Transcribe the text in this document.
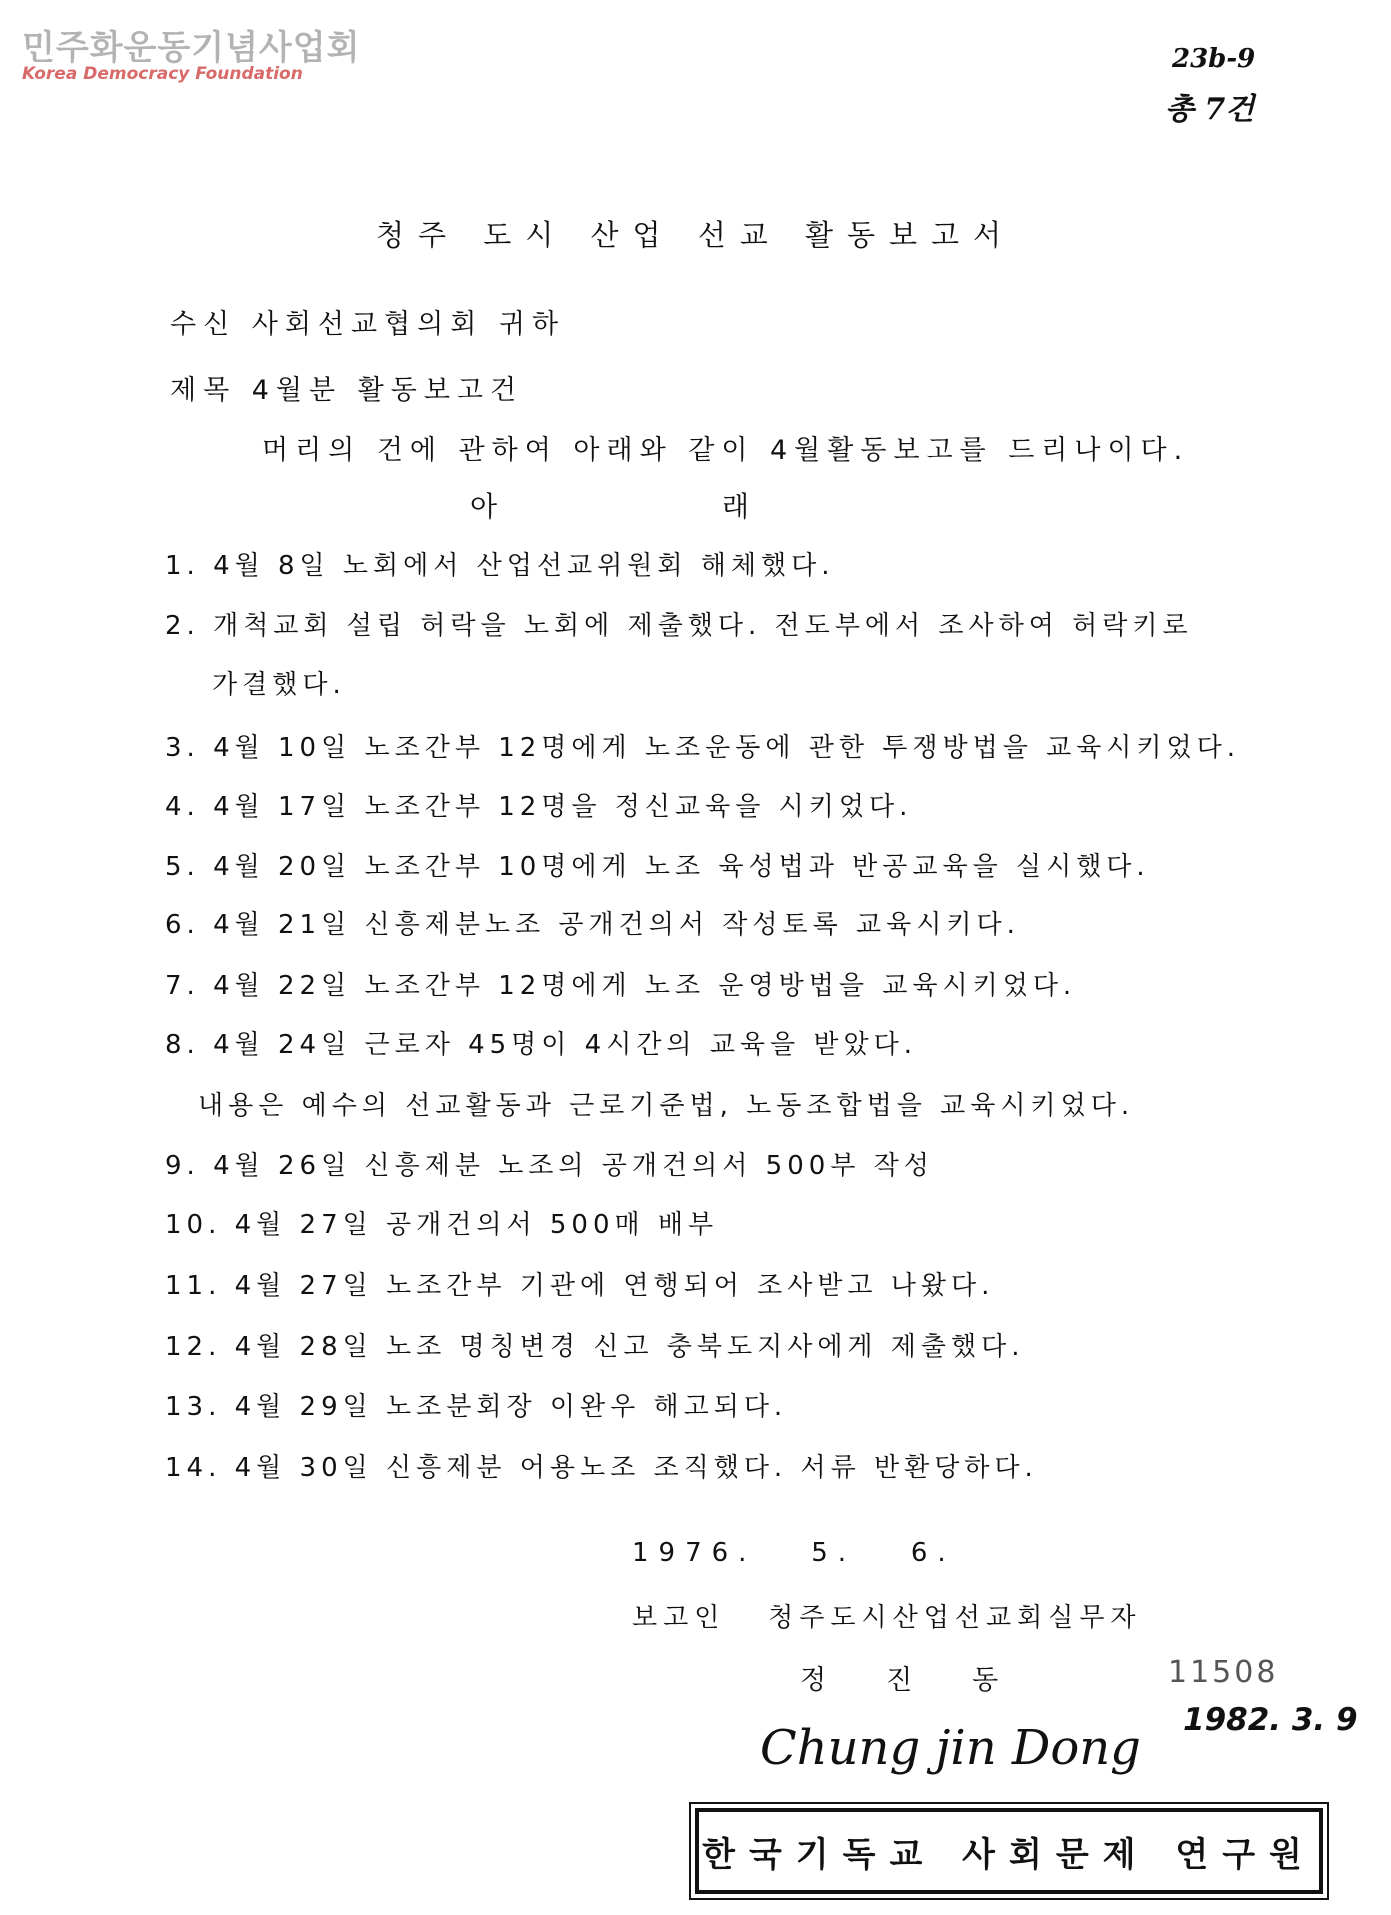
민주화운동기념사업회
Korea Democracy Foundation	23b-9
총 7건
청주 도시 산업 선교 활동보고서
수신 사회선교협의회 귀하
제목 4월분 활동보고건
머리의 건에 관하여 아래와 같이 4월활동보고를 드리나이다.
아래
1. 4월 8일 노회에서 산업선교위원회 해체했다.
2. 개척교회 설립 허락을 노회에 제출했다. 전도부에서 조사하여 허락키로
가결했다.
3. 4월 10일 노조간부 12명에게 노조운동에 관한 투쟁방법을 교육시키었다.
4. 4월 17일 노조간부 12명을 정신교육을 시키었다.
5. 4월 20일 노조간부 10명에게 노조 육성법과 반공교육을 실시했다.
6. 4월 21일 신흥제분노조 공개건의서 작성토록 교육시키다.
7. 4월 22일 노조간부 12명에게 노조 운영방법을 교육시키었다.
8. 4월 24일 근로자 45명이 4시간의 교육을 받았다.
내용은 예수의 선교활동과 근로기준법, 노동조합법을 교육시키었다.
9. 4월 26일 신흥제분 노조의 공개건의서 500부 작성
10. 4월 27일 공개건의서 500매 배부
11. 4월 27일 노조간부 기관에 연행되어 조사받고 나왔다.
12. 4월 28일 노조 명칭변경 신고 충북도지사에게 제출했다.
13. 4월 29일 노조분회장 이완우 해고되다.
14. 4월 30일 신흥제분 어용노조 조직했다. 서류 반환당하다.
1976.   5.   6.
보고인 청주도시산업선교회실무자
정진동	11508
1982. 3. 9
Chung jin Dong
한국기독교 사회문제 연구원
